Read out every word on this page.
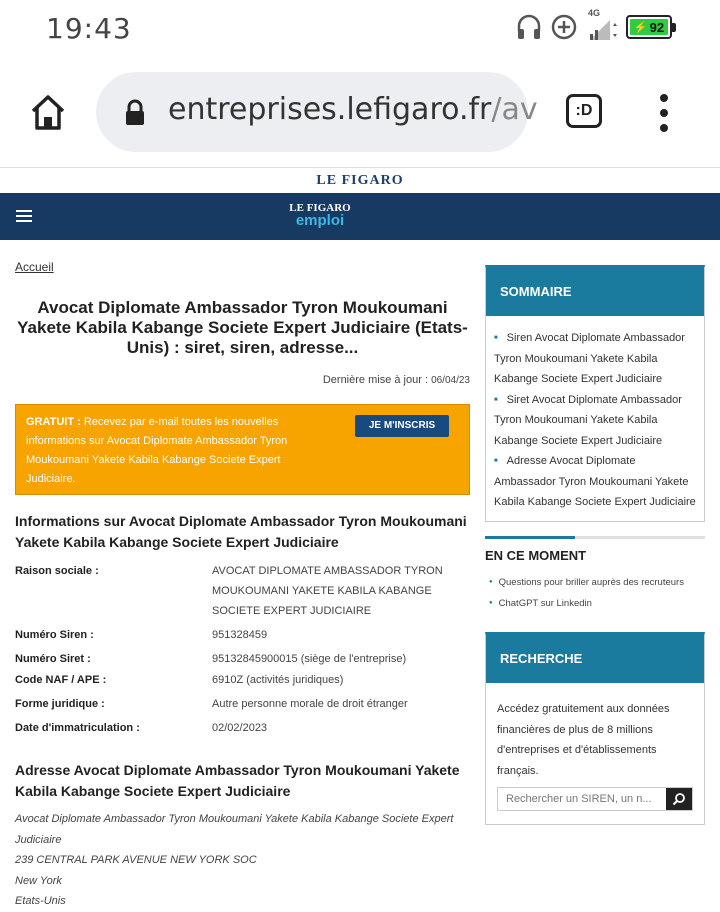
19:43	4G
⚡ 92
entreprises.lefigaro.fr/av	:D
LE FIGARO
LE FIGARO
emploi
Accueil
Avocat Diplomate Ambassador Tyron Moukoumani Yakete Kabila Kabange Societe Expert Judiciaire (Etats-Unis) : siret, siren, adresse...
Dernière mise à jour : 06/04/23

GRATUIT : Recevez par e-mail toutes les nouvelles informations sur Avocat Diplomate Ambassador Tyron Moukoumani Yakete Kabila Kabange Societe Expert Judiciaire.

JE M'INSCRIS
Informations sur Avocat Diplomate Ambassador Tyron Moukoumani Yakete Kabila Kabange Societe Expert Judiciaire
Raison sociale :	AVOCAT DIPLOMATE AMBASSADOR TYRON MOUKOUMANI YAKETE KABILA KABANGE SOCIETE EXPERT JUDICIAIRE
Numéro Siren :	951328459
Numéro Siret :	95132845900015 (siège de l'entreprise)
Code NAF / APE :	6910Z (activités juridiques)
Forme juridique :	Autre personne morale de droit étranger
Date d'immatriculation :	02/02/2023
Adresse Avocat Diplomate Ambassador Tyron Moukoumani Yakete Kabila Kabange Societe Expert Judiciaire
Avocat Diplomate Ambassador Tyron Moukoumani Yakete Kabila Kabange Societe Expert Judiciaire
239 CENTRAL PARK AVENUE NEW YORK SOC
New York
Etats-Unis
SOMMAIRE
■ Siren Avocat Diplomate Ambassador Tyron Moukoumani Yakete Kabila Kabange Societe Expert Judiciaire
■ Siret Avocat Diplomate Ambassador Tyron Moukoumani Yakete Kabila Kabange Societe Expert Judiciaire
■ Adresse Avocat Diplomate Ambassador Tyron Moukoumani Yakete Kabila Kabange Societe Expert Judiciaire
EN CE MOMENT
● Questions pour briller auprès des recruteurs
● ChatGPT sur Linkedin
RECHERCHE
Accédez gratuitement aux données financières de plus de 8 millions d'entreprises et d'établissements français.
Rechercher un SIREN, un n...
